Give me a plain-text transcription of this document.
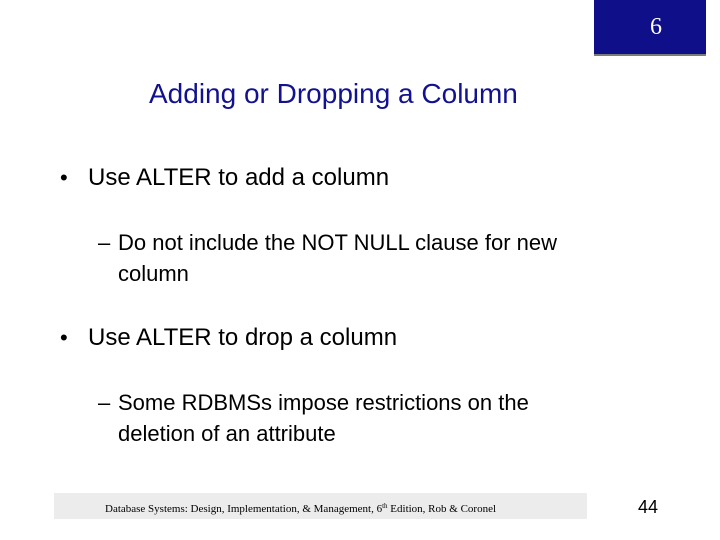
6
Adding or Dropping a Column
• Use ALTER to add a column
– Do not include the NOT NULL clause for new
column
• Use ALTER to drop a column
– Some RDBMSs impose restrictions on the
deletion of an attribute
Database Systems: Design, Implementation, & Management, 6th Edition, Rob & Coronel	44
